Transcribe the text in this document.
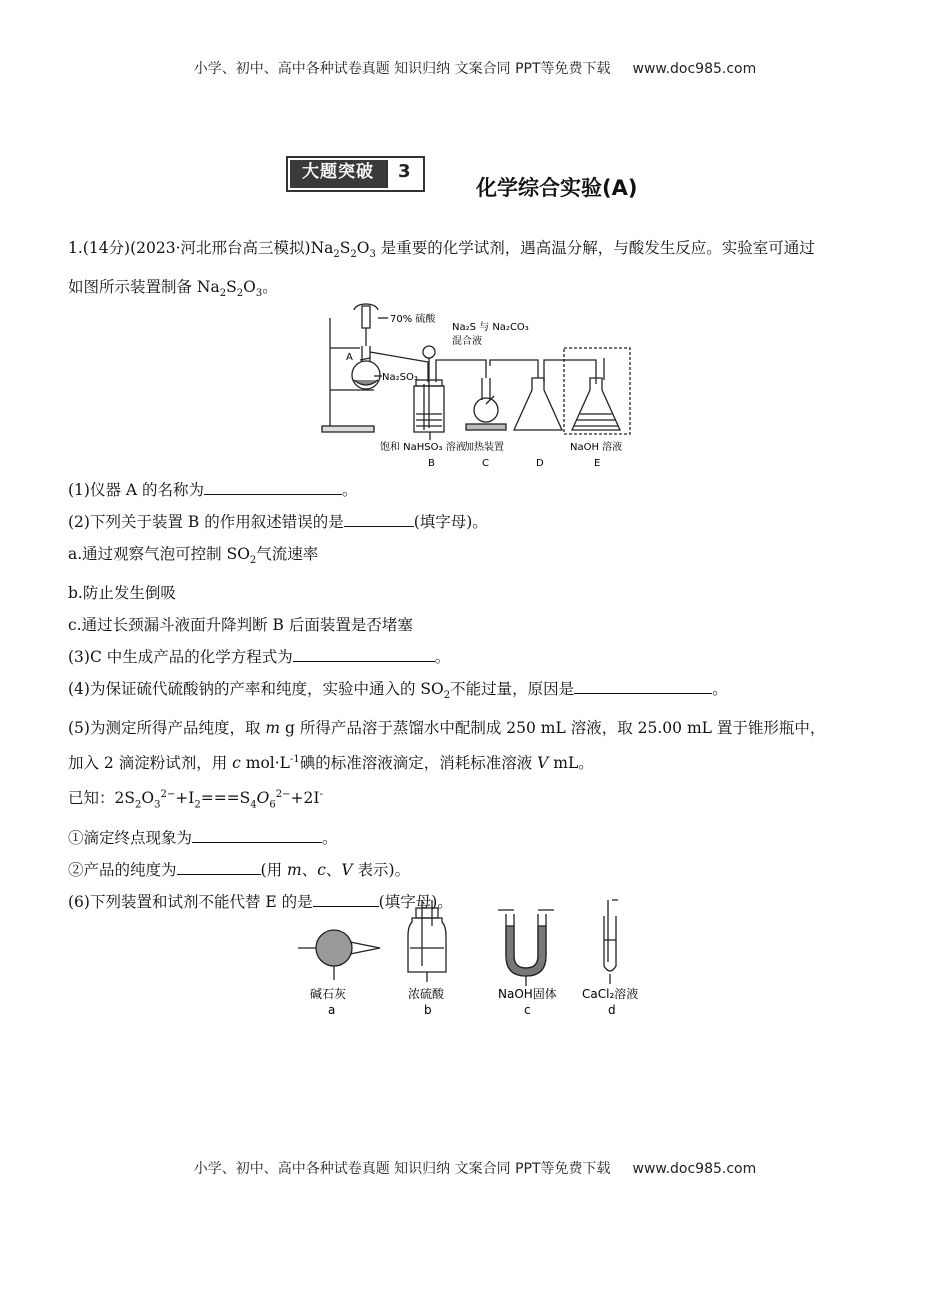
小学、初中、高中各种试卷真题 知识归纳 文案合同 PPT等免费下载 www.doc985.com
大题突破	3
化学综合实验(A)
1.(14分)(2023·河北邢台高三模拟)$Na_2S_2O_3$ 是重要的化学试剂，遇高温分解，与酸发生反应。实验室可通过
如图所示装置制备 $Na_2S_2O_3$。
70% 硫酸
A
Na₂SO₃
Na₂S 与 Na₂CO₃
混合液
饱和 NaHSO₃ 溶液
加热装置	NaOH 溶液
B	C	D	E
(1)仪器 A 的名称为	。
(2)下列关于装置 B 的作用叙述错误的是	(填字母)。
a.通过观察气泡可控制 $SO_2$气流速率
b.防止发生倒吸
c.通过长颈漏斗液面升降判断 B 后面装置是否堵塞
(3)C 中生成产品的化学方程式为	。
(4)为保证硫代硫酸钠的产率和纯度，实验中通入的 $SO_2$不能过量，原因是	。
(5)为测定所得产品纯度，取 m g 所得产品溶于蒸馏水中配制成 250 mL 溶液，取 25.00 mL 置于锥形瓶中，
加入 2 滴淀粉试剂，用 c $mol\cdot L^{-1}$碘的标准溶液滴定，消耗标准溶液 V mL。
已知：$2S_2O_3^{2-}+I_2===S_4O_6^{2-}+2I^-$
①滴定终点现象为	。
②产品的纯度为	(用 m、c、V 表示)。
(6)下列装置和试剂不能代替 E 的是	(填字母)。
碱石灰
a
浓硫酸
b
NaOH固体
c
CaCl₂溶液
d
小学、初中、高中各种试卷真题 知识归纳 文案合同 PPT等免费下载 www.doc985.com
